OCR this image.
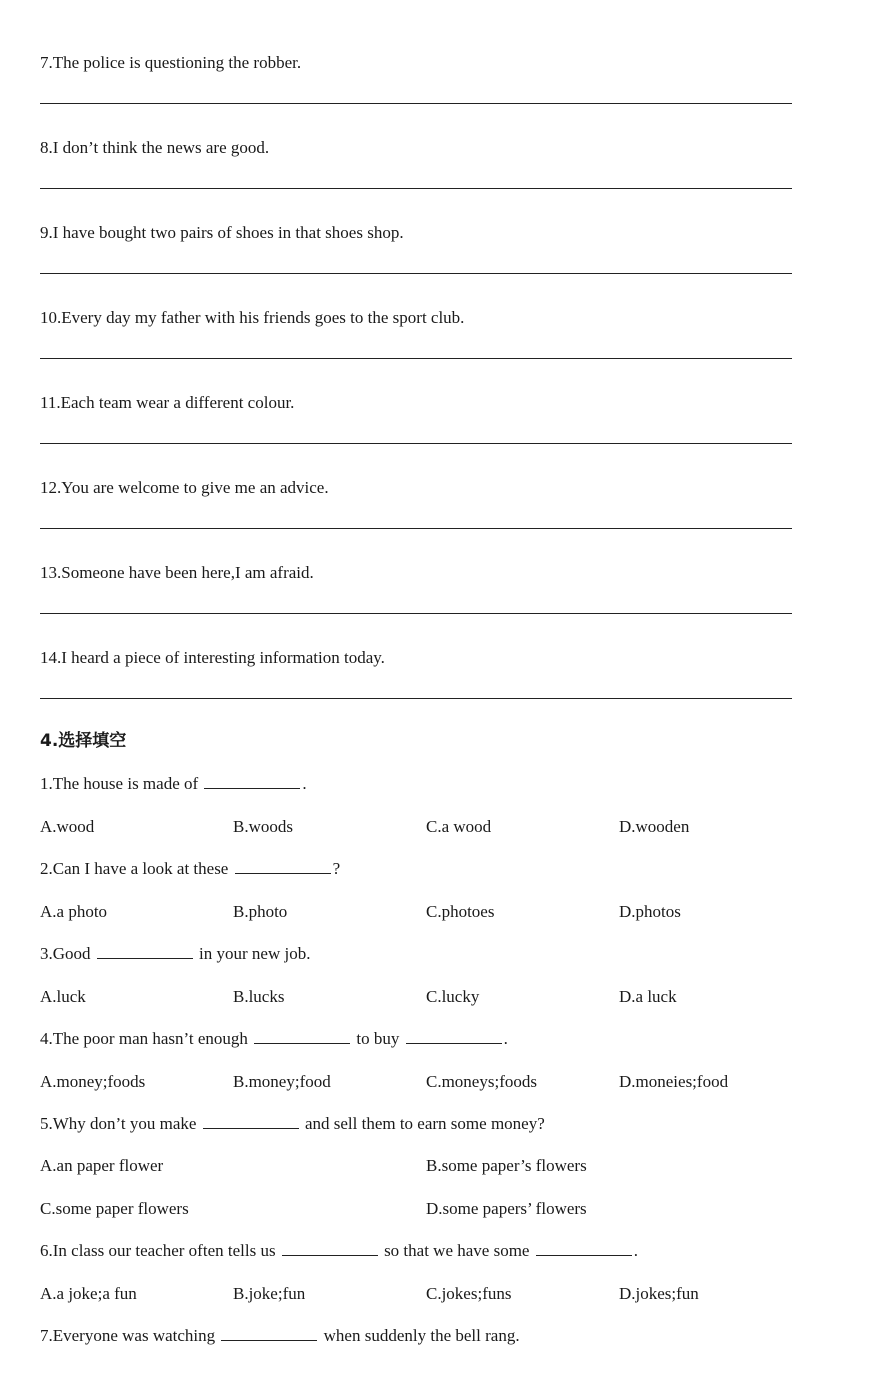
7.The police is questioning the robber.
8.I don’t think the news are good.
9.I have bought two pairs of shoes in that shoes shop.
10.Every day my father with his friends goes to the sport club.
11.Each team wear a different colour.
12.You are welcome to give me an advice.
13.Someone have been here,I am afraid.
14.I heard a piece of interesting information today.
4.选择填空
1.The house is made of	.
A.wood	B.woods	C.a wood	D.wooden
2.Can I have a look at these	?
A.a photo	B.photo	C.photoes	D.photos
3.Good	in your new job.
A.luck	B.lucks	C.lucky	D.a luck
4.The poor man hasn’t enough	to buy	.
A.money;foods	B.money;food	C.moneys;foods	D.moneies;food
5.Why don’t you make	and sell them to earn some money?
A.an paper flower	B.some paper’s flowers
C.some paper flowers	D.some papers’ flowers
6.In class our teacher often tells us	so that we have some	.
A.a joke;a fun	B.joke;fun	C.jokes;funs	D.jokes;fun
7.Everyone was watching	when suddenly the bell rang.
